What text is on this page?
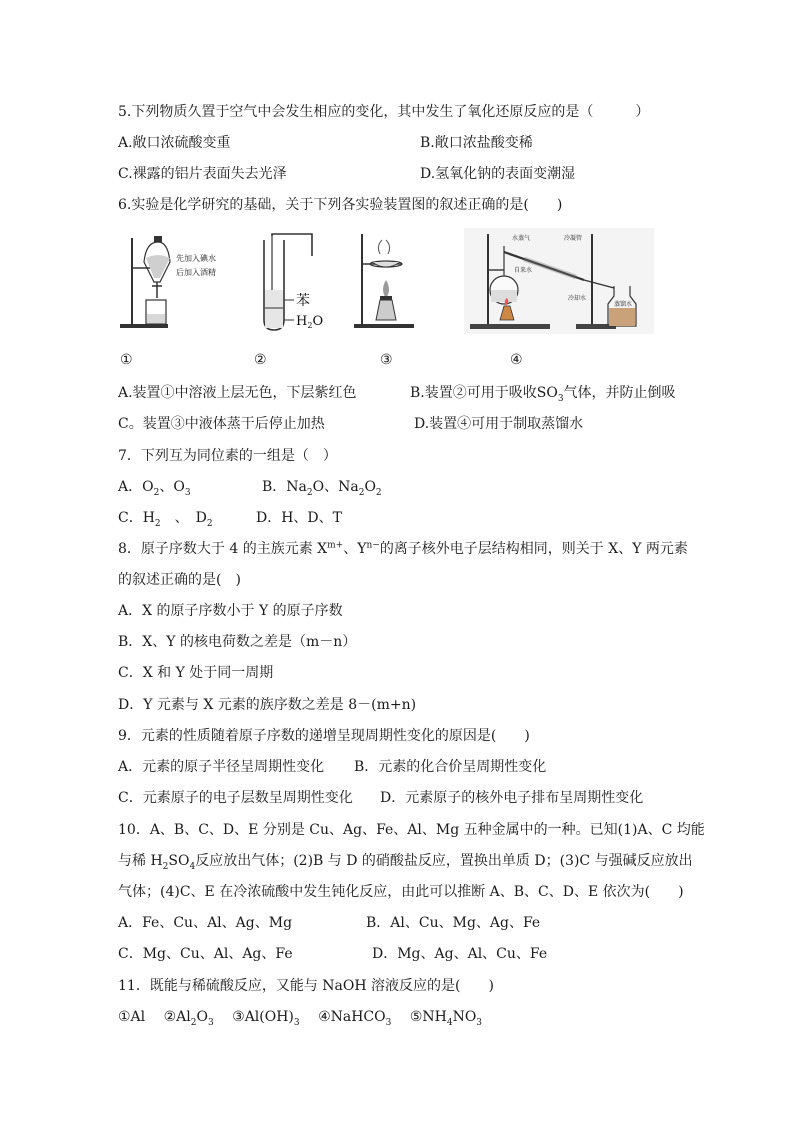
5.下列物质久置于空气中会发生相应的变化，其中发生了氧化还原反应的是（　　　）
A.敞口浓硫酸变重	B.敞口浓盐酸变稀
C.裸露的铝片表面失去光泽	D.氢氧化钠的表面变潮湿
6.实验是化学研究的基础，关于下列各实验装置图的叙述正确的是(　　)
先加入碘水
后加入酒精
苯
$H_2O$
水蒸气	冷凝管
自来水
冷却水
蒸馏水
①	②	③	④
A.装置①中溶液上层无色，下层紫红色	B.装置②可用于吸收$SO_3$气体，并防止倒吸
C。装置③中液体蒸干后停止加热	D.装置④可用于制取蒸馏水
7．下列互为同位素的一组是（　）
A．$O_2$、$O_3$	B．$Na_2O$、$Na_2O_2$
C．$H_2$　、　$D_2$	D．H、D、T
8．原子序数大于 4 的主族元素 $X^{m+}$、$Y^{n-}$的离子核外电子层结构相同，则关于 X、Y 两元素
的叙述正确的是(　)
A．X 的原子序数小于 Y 的原子序数
B．X、Y 的核电荷数之差是（m－n）
C．X 和 Y 处于同一周期
D．Y 元素与 X 元素的族序数之差是 8－(m+n)
9．元素的性质随着原子序数的递增呈现周期性变化的原因是(　　)
A．元素的原子半径呈周期性变化 B．元素的化合价呈周期性变化
C．元素原子的电子层数呈周期性变化 D．元素原子的核外电子排布呈周期性变化
10．A、B、C、D、E 分别是 Cu、Ag、Fe、Al、Mg 五种金属中的一种。已知(1)A、C 均能
与稀 $H_2SO_4$反应放出气体；(2)B 与 D 的硝酸盐反应，置换出单质 D；(3)C 与强碱反应放出
气体；(4)C、E 在冷浓硫酸中发生钝化反应，由此可以推断 A、B、C、D、E 依次为(　　)
A．Fe、Cu、Al、Ag、Mg	B．Al、Cu、Mg、Ag、Fe
C．Mg、Cu、Al、Ag、Fe	D．Mg、Ag、Al、Cu、Fe
11．既能与稀硫酸反应，又能与 NaOH 溶液反应的是(　　)
①Al $②Al_2O_3$ $③Al(OH)_3$ ④NaHCO$_3$ $⑤NH_4NO_3$
